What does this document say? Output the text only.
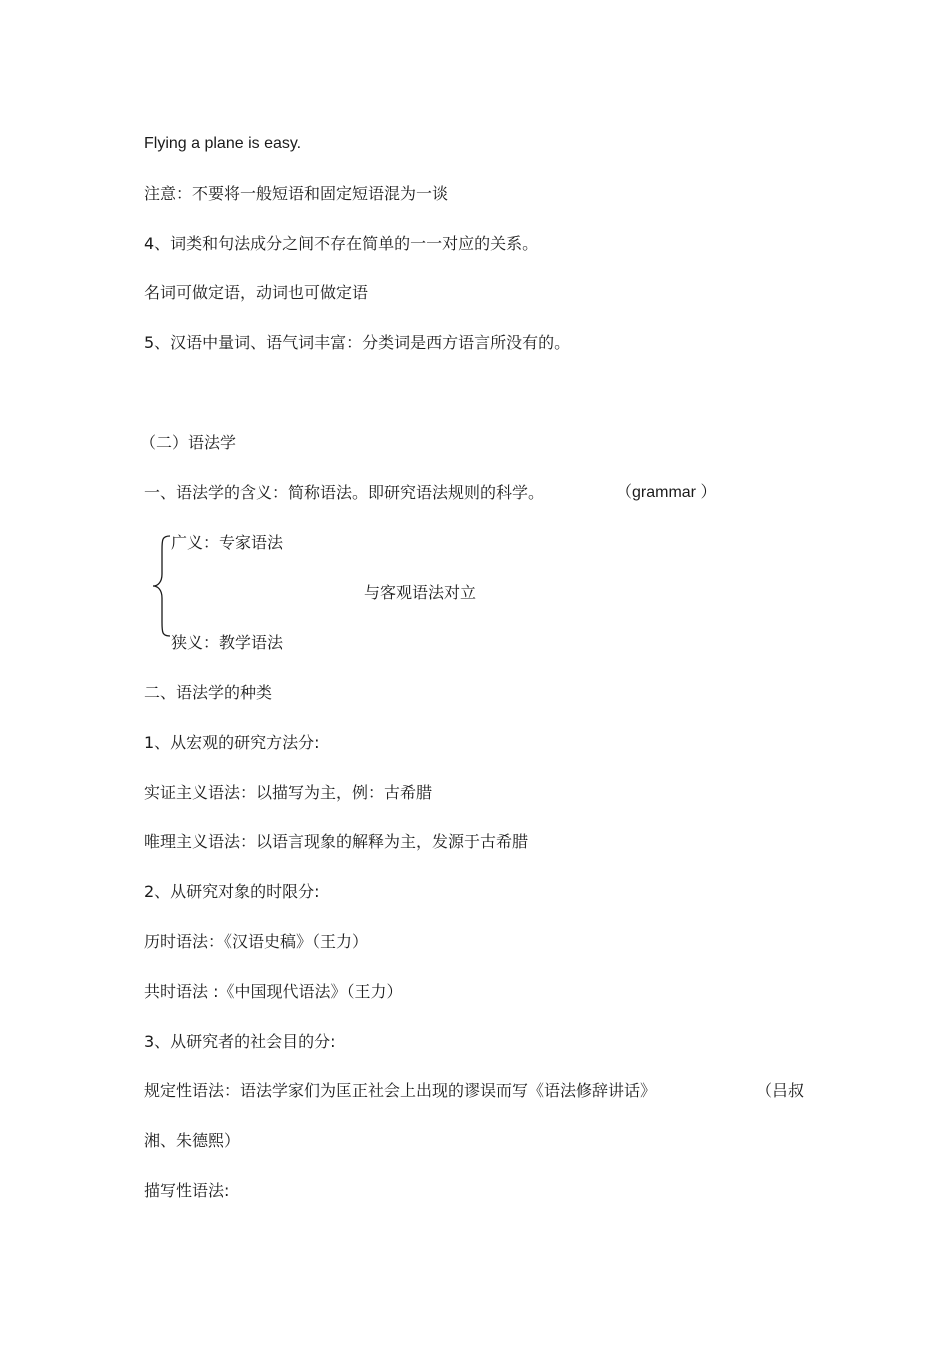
Flying a plane is easy.
注意：不要将一般短语和固定短语混为一谈
4、词类和句法成分之间不存在简单的一一对应的关系。
名词可做定语，动词也可做定语
5、汉语中量词、语气词丰富：分类词是西方语言所没有的。
（二）语法学
一、语法学的含义：简称语法。即研究语法规则的科学。	（grammar ）
广义：专家语法
与客观语法对立
狭义：教学语法
二、语法学的种类
1、从宏观的研究方法分:
实证主义语法：以描写为主，例：古希腊
唯理主义语法：以语言现象的解释为主，发源于古希腊
2、从研究对象的时限分:
历时语法：《汉语史稿》（王力）
共时语法 :《中国现代语法》（王力）
3、从研究者的社会目的分:
规定性语法：语法学家们为匡正社会上出现的谬误而写《语法修辞讲话》	（吕叔
湘、朱德熙）
描写性语法:
